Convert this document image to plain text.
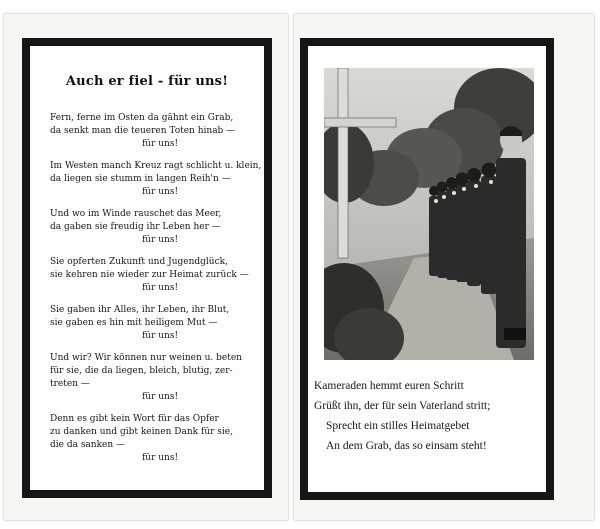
Auch er fiel - für uns!
Fern, ferne im Osten da gähnt ein Grab,
da senkt man die teueren Toten hinab —
für uns!
Im Westen manch Kreuz ragt schlicht u. klein,
da liegen sie stumm in langen Reih'n —
für uns!
Und wo im Winde rauschet das Meer,
da gaben sie freudig ihr Leben her —
für uns!
Sie opferten Zukunft und Jugendglück,
sie kehren nie wieder zur Heimat zurück —
für uns!
Sie gaben ihr Alles, ihr Leben, ihr Blut,
sie gaben es hin mit heiligem Mut —
für uns!
Und wir? Wir können nur weinen u. beten
für sie, die da liegen, bleich, blutig, zer-
treten —
für uns!
Denn es gibt kein Wort für das Opfer
zu danken und gibt keinen Dank für sie,
die da sanken —
für uns!
Kameraden hemmt euren Schritt
Grüßt ihn, der für sein Vaterland stritt;
Sprecht ein stilles Heimatgebet
An dem Grab, das so einsam steht!
